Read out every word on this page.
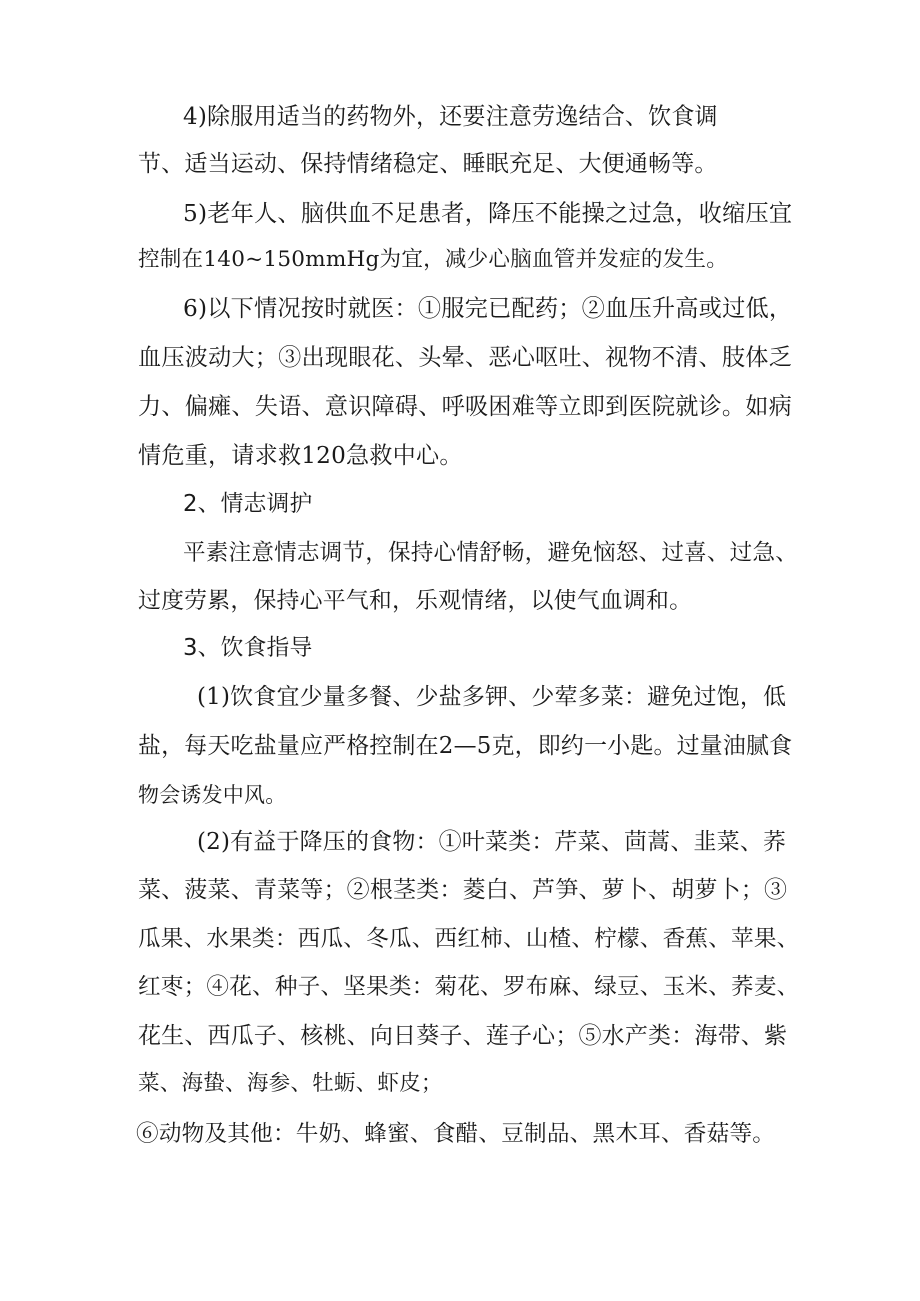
4)除服用适当的药物外，还要注意劳逸结合、饮食调
节、适当运动、保持情绪稳定、睡眠充足、大便通畅等。
5)老年人、脑供血不足患者，降压不能操之过急，收缩压宜
控制在140~150mmHg为宜，减少心脑血管并发症的发生。
6)以下情况按时就医：①服完已配药；②血压升高或过低，
血压波动大；③出现眼花、头晕、恶心呕吐、视物不清、肢体乏
力、偏瘫、失语、意识障碍、呼吸困难等立即到医院就诊。如病
情危重，请求救120急救中心。
2、情志调护
平素注意情志调节，保持心情舒畅，避免恼怒、过喜、过急、
过度劳累，保持心平气和，乐观情绪，以使气血调和。
3、饮食指导
(1)饮食宜少量多餐、少盐多钾、少荤多菜：避免过饱，低
盐，每天吃盐量应严格控制在2—5克，即约一小匙。过量油腻食
物会诱发中风。
(2)有益于降压的食物：①叶菜类：芹菜、茴蒿、韭菜、荞
菜、菠菜、青菜等；②根茎类：菱白、芦笋、萝卜、胡萝卜；③
瓜果、水果类：西瓜、冬瓜、西红柿、山楂、柠檬、香蕉、苹果、
红枣；④花、种子、坚果类：菊花、罗布麻、绿豆、玉米、荞麦、
花生、西瓜子、核桃、向日葵子、莲子心；⑤水产类：海带、紫
菜、海蛰、海参、牡蛎、虾皮；
⑥动物及其他：牛奶、蜂蜜、食醋、豆制品、黑木耳、香菇等。
